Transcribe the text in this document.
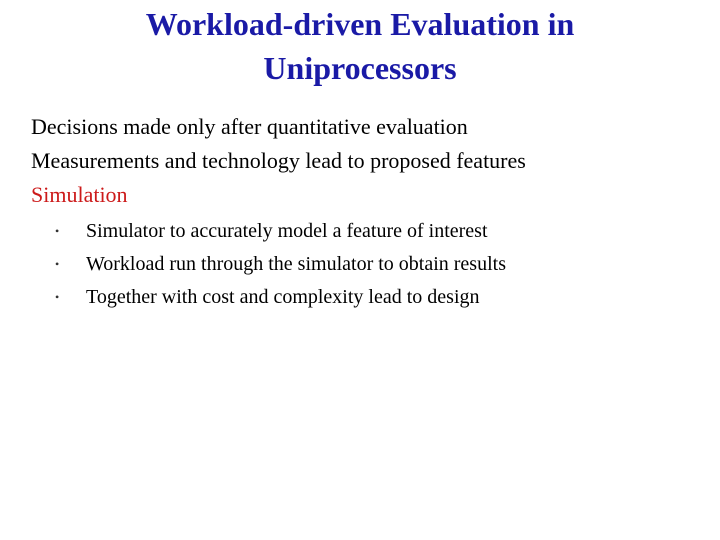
Workload-driven Evaluation in
Uniprocessors
Decisions made only after quantitative evaluation
Measurements and technology lead to proposed features
Simulation
•	Simulator to accurately model a feature of interest
•	Workload run through the simulator to obtain results
•	Together with cost and complexity lead to design
